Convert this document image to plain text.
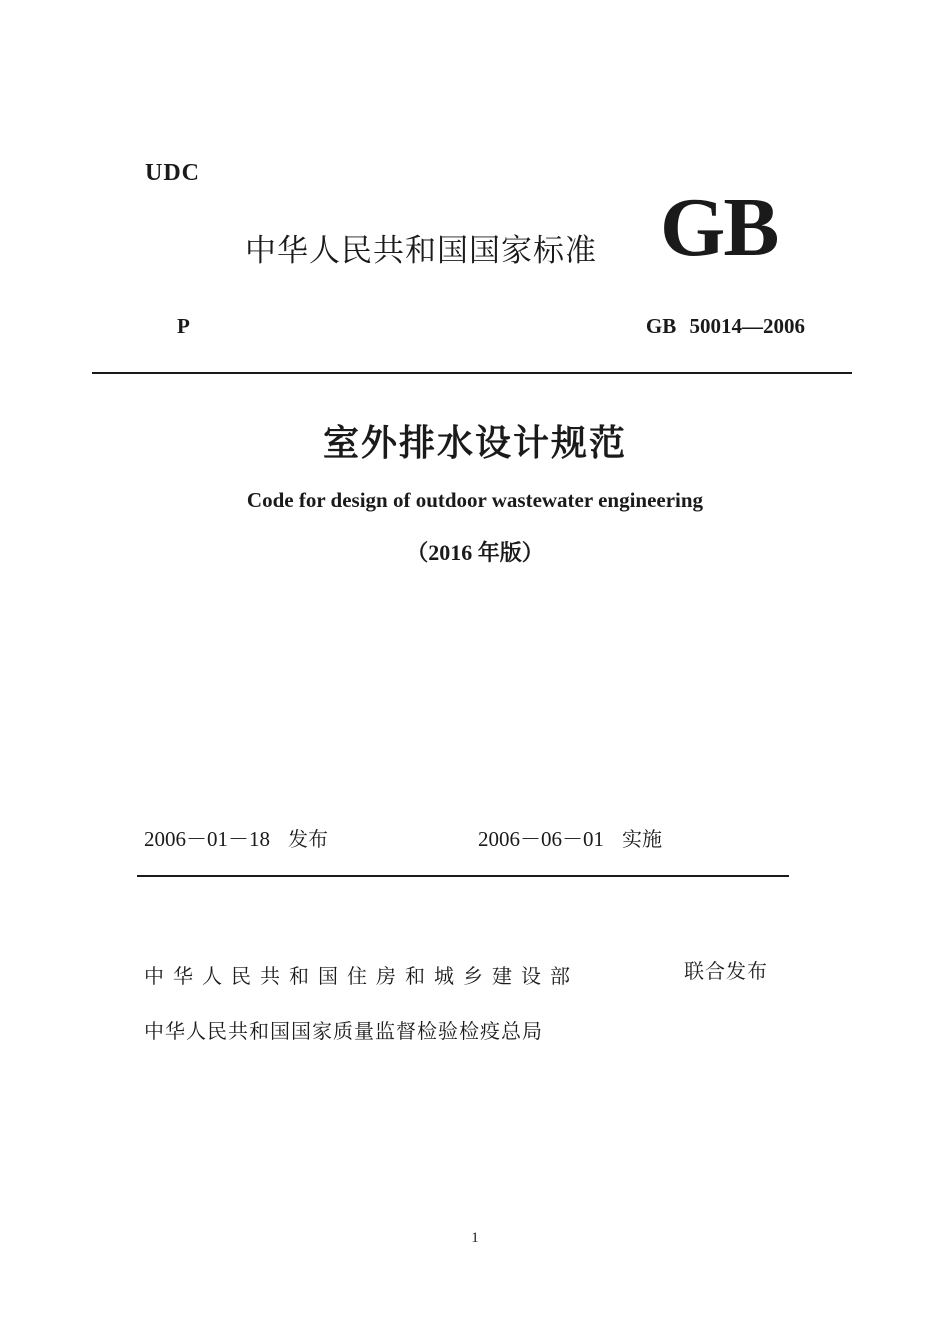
UDC
中华人民共和国国家标准 GB
P	GB 50014—2006
室外排水设计规范
Code for design of outdoor wastewater engineering
（2016 年版）
2006－01－18 发布	2006－06－01 实施
中华人民共和国住房和城乡建设部	联合发布
中华人民共和国国家质量监督检验检疫总局
1
